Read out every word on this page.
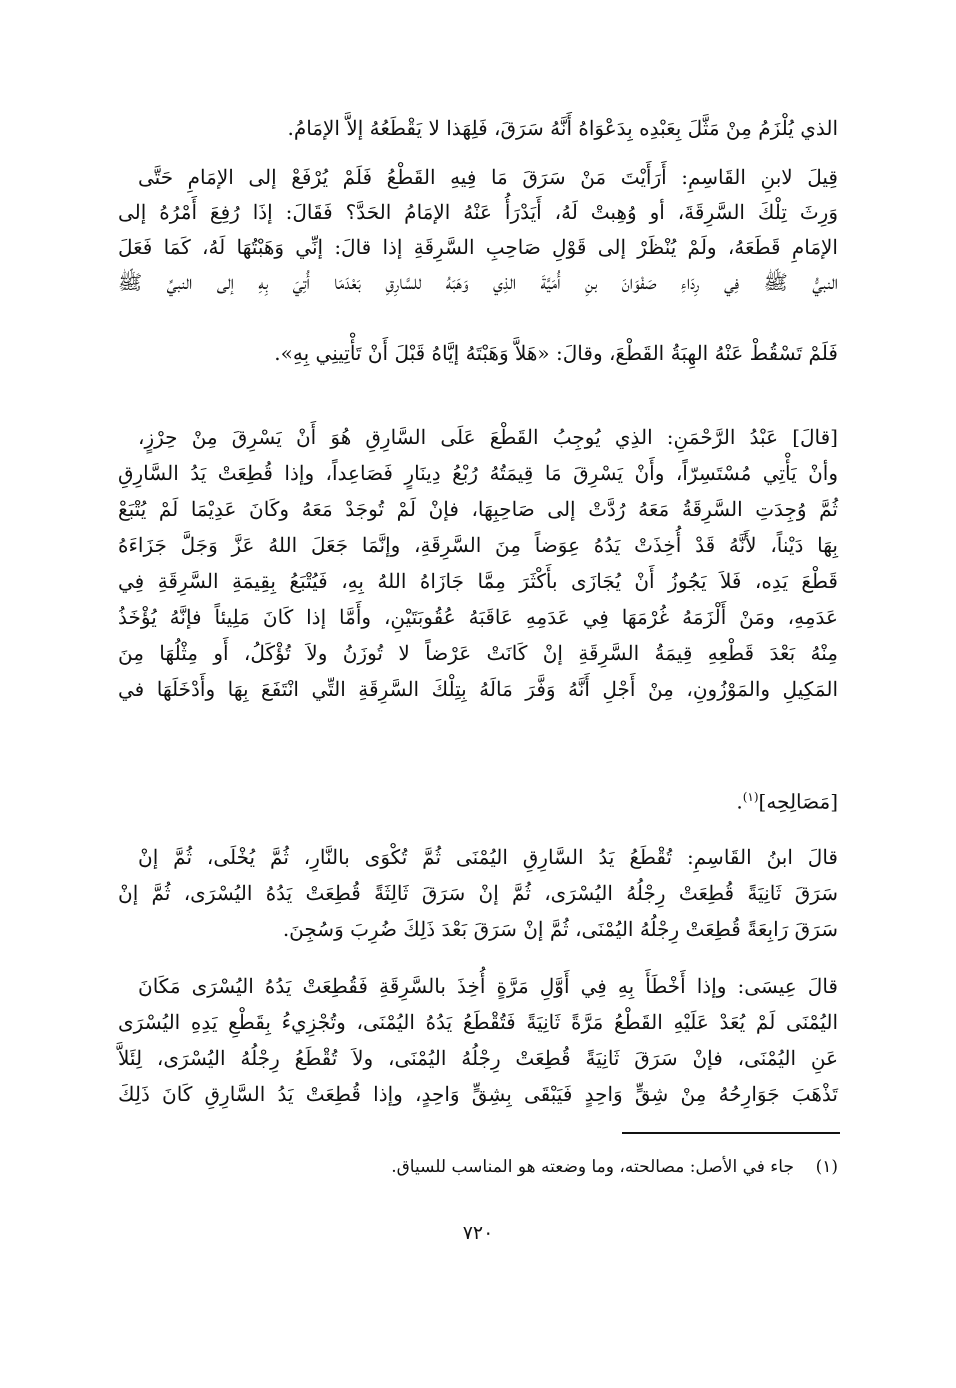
الذي يُلْزَمُ مِنْ مَثَّلَ بِعَبْدِه بِدَعْوَاهُ أَنَّهُ سَرَقَ، فَلِهَذا لا يَقْطَعُهُ إلاَّ الإمَامُ.
قِيلَ لابنِ القَاسِمِ: أَرَأَيْتَ مَنْ سَرَقَ مَا فِيهِ القَطْعُ فَلَمْ يُرْفَعْ إلى الإمَامِ حَتَّى
وَرِثَ تِلْكَ السَّرِقَةَ، أو وُهِبتْ لَهُ، أَيَدْرَأُ عَنْهُ الإمَامُ الحَدَّ؟ فَقَالَ: إذَا رُفِعَ أَمْرُهُ إلى
الإمَامِ قَطَعَهُ، ولَمْ يُنْظَرْ إلى قَوْلِ صَاحِبِ السَّرِقَةِ إذا قالَ: إنِّي وَهَبْتُهَا لَهُ، كَمَا فَعَلَ
النبيُّ ﷺ فِي رِدَاءِ صَفْوَانَ بنِ أُمَيَّةَ الذِي وَهَبَهُ للسَّارِقِ بَعْدَمَا أُتِيَ بِهِ إلى النبيِّ ﷺ
فَلَمْ تَسْقُطْ عَنْهُ الهِبَةُ القَطْعَ، وقالَ: «هَلاَّ وَهَبْتَهُ إيَّاهُ قَبْلَ أَنْ تَأْتِينِي بِهِ».
[قالَ] عَبْدُ الرَّحْمَنِ: الذِي يُوجِبُ القَطْعَ عَلَى السَّارِقِ هُوَ أَنْ يَسْرِقَ مِنْ حِرْزٍ،
وأنْ يَأْتِي مُسْتَسِرّاً، وأَنْ يَسْرِقَ مَا قِيمَتُهُ رُبْعُ دِينَارٍ فَصَاعِداً، وإذا قُطِعَتْ يَدُ السَّارِقِ
ثُمَّ وُجِدَتِ السَّرِقَةُ مَعَهُ رُدَّتْ إلى صَاحِبِهَا، فإنْ لَمْ تُوجَدْ مَعَهُ وكَانَ عَدِيْمَا لَمْ يُتْبَعْ
بِهَا دَيْناً، لأَنَّهُ قَدْ أُخِذَتْ يَدُهُ عِوَضاً مِنَ السَّرِقَةِ، وإنَّمَا جَعَلَ اللهُ عَزَّ وَجَلَّ جَزَاءَهُ
قَطْعَ يَدِه، فَلاَ يَجُوزُ أَنْ يُجَازَى بأَكْثَرَ مِمَّا جَازَاهُ اللهُ بِهِ، فَيُتْبَعُ بِقِيمَةِ السَّرِقَةِ فِي
عَدَمِهِ، ومَنْ أَلْزَمَهُ غُرْمَهَا فِي عَدَمِهِ عَاقَبَهُ عُقُوبَتَيْنِ، وأَمَّا إذا كَانَ مَلِيئاً فإنَّهُ يُؤْخَذُ
مِنْهُ بَعْدَ قَطْعِهِ قِيمَةُ السَّرِقَةِ إنْ كَانَتْ عَرْضاً لا تُوزَنُ ولاَ تُؤْكَلُ، أَو مِثْلُهَا مِنَ
المَكِيلِ والمَوْزُونِ، مِنْ أَجْلِ أَنَّهُ وَفَّرَ مَالَهُ بِتِلْكَ السَّرِقَةِ التِّي انْتَفَعَ بِهَا وأَدْخَلَهَا في
[مَصَالِحِه]$^{(١)}$.
قالَ ابنُ القَاسِمِ: تُقْطَعُ يَدُ السَّارِقِ اليُمْنَى ثُمَّ تُكْوَى بالنَّارِ، ثُمَّ يُخْلَى، ثُمَّ إنْ
سَرَقَ ثَانِيَةً قُطِعَتْ رِجْلُهُ اليُسْرَى، ثُمَّ إنْ سَرَقَ ثَالِثَةً قُطِعَتْ يَدُهُ اليُسْرَى، ثُمَّ إنْ
سَرَقَ رَابِعَةً قُطِعَتْ رِجْلُهُ اليُمْنَى، ثُمَّ إنْ سَرَقَ بَعْدَ ذَلِكَ ضُرِبَ وَسُجِنَ.
قالَ عِيسَى: وإذا أَخْطَأَ بِهِ فِي أَوَّلِ مَرَّةٍ أُخِذَ بالسَّرِقَةِ فَقُطِعَتْ يَدُهُ اليُسْرَى مَكَانَ
اليُمْنَى لَمْ يُعَدْ عَلَيْهِ القَطْعُ مَرَّةً ثَانِيَةً فَتُقْطَعُ يَدُهُ اليُمْنَى، وتُجْزِيءُ بِقَطْعِ يَدِهِ اليُسْرَى
عَنِ اليُمْنَى، فإنْ سَرَقَ ثَانِيَةً قُطِعَتْ رِجْلُهُ اليُمْنَى، ولاَ تُقْطَعُ رِجْلُهُ اليُسْرَى، لِئَلاَّ
تَذْهَبَ جَوَارِحُهُ مِنْ شِقٍّ وَاحِدٍ فَيَبْقَى بِشِقٍّ وَاحِدٍ، وإذا قُطِعَتْ يَدُ السَّارِقِ كَانَ ذَلِكَ
(١)    جاء في الأصل: مصالحته، وما وضعته هو المناسب للسياق.
٧٢٠
